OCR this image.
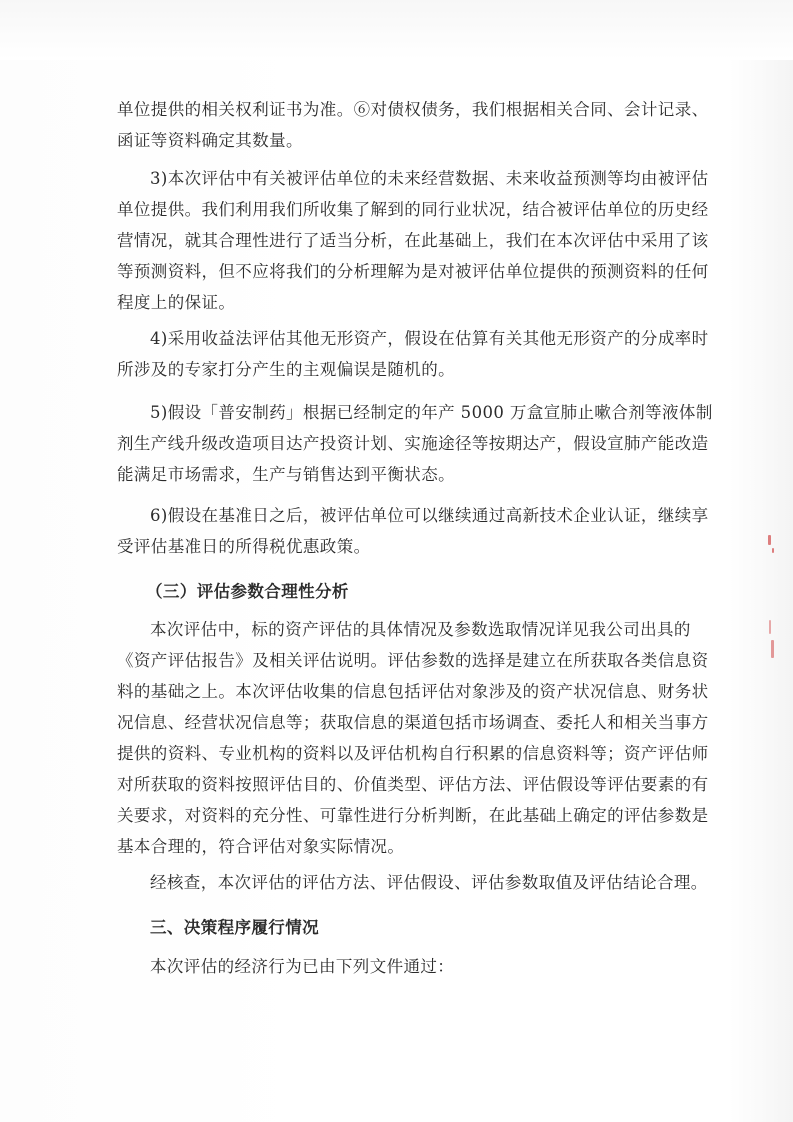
单位提供的相关权利证书为准。⑥对债权债务，我们根据相关合同、会计记录、
函证等资料确定其数量。
3)本次评估中有关被评估单位的未来经营数据、未来收益预测等均由被评估
单位提供。我们利用我们所收集了解到的同行业状况，结合被评估单位的历史经
营情况，就其合理性进行了适当分析，在此基础上，我们在本次评估中采用了该
等预测资料，但不应将我们的分析理解为是对被评估单位提供的预测资料的任何
程度上的保证。
4)采用收益法评估其他无形资产，假设在估算有关其他无形资产的分成率时
所涉及的专家打分产生的主观偏误是随机的。
5)假设「普安制药」根据已经制定的年产 5000 万盒宣肺止嗽合剂等液体制
剂生产线升级改造项目达产投资计划、实施途径等按期达产，假设宣肺产能改造
能满足市场需求，生产与销售达到平衡状态。
6)假设在基准日之后，被评估单位可以继续通过高新技术企业认证，继续享
受评估基准日的所得税优惠政策。
（三）评估参数合理性分析
本次评估中，标的资产评估的具体情况及参数选取情况详见我公司出具的
《资产评估报告》及相关评估说明。评估参数的选择是建立在所获取各类信息资
料的基础之上。本次评估收集的信息包括评估对象涉及的资产状况信息、财务状
况信息、经营状况信息等；获取信息的渠道包括市场调查、委托人和相关当事方
提供的资料、专业机构的资料以及评估机构自行积累的信息资料等；资产评估师
对所获取的资料按照评估目的、价值类型、评估方法、评估假设等评估要素的有
关要求，对资料的充分性、可靠性进行分析判断，在此基础上确定的评估参数是
基本合理的，符合评估对象实际情况。
经核查，本次评估的评估方法、评估假设、评估参数取值及评估结论合理。
三、决策程序履行情况
本次评估的经济行为已由下列文件通过：
